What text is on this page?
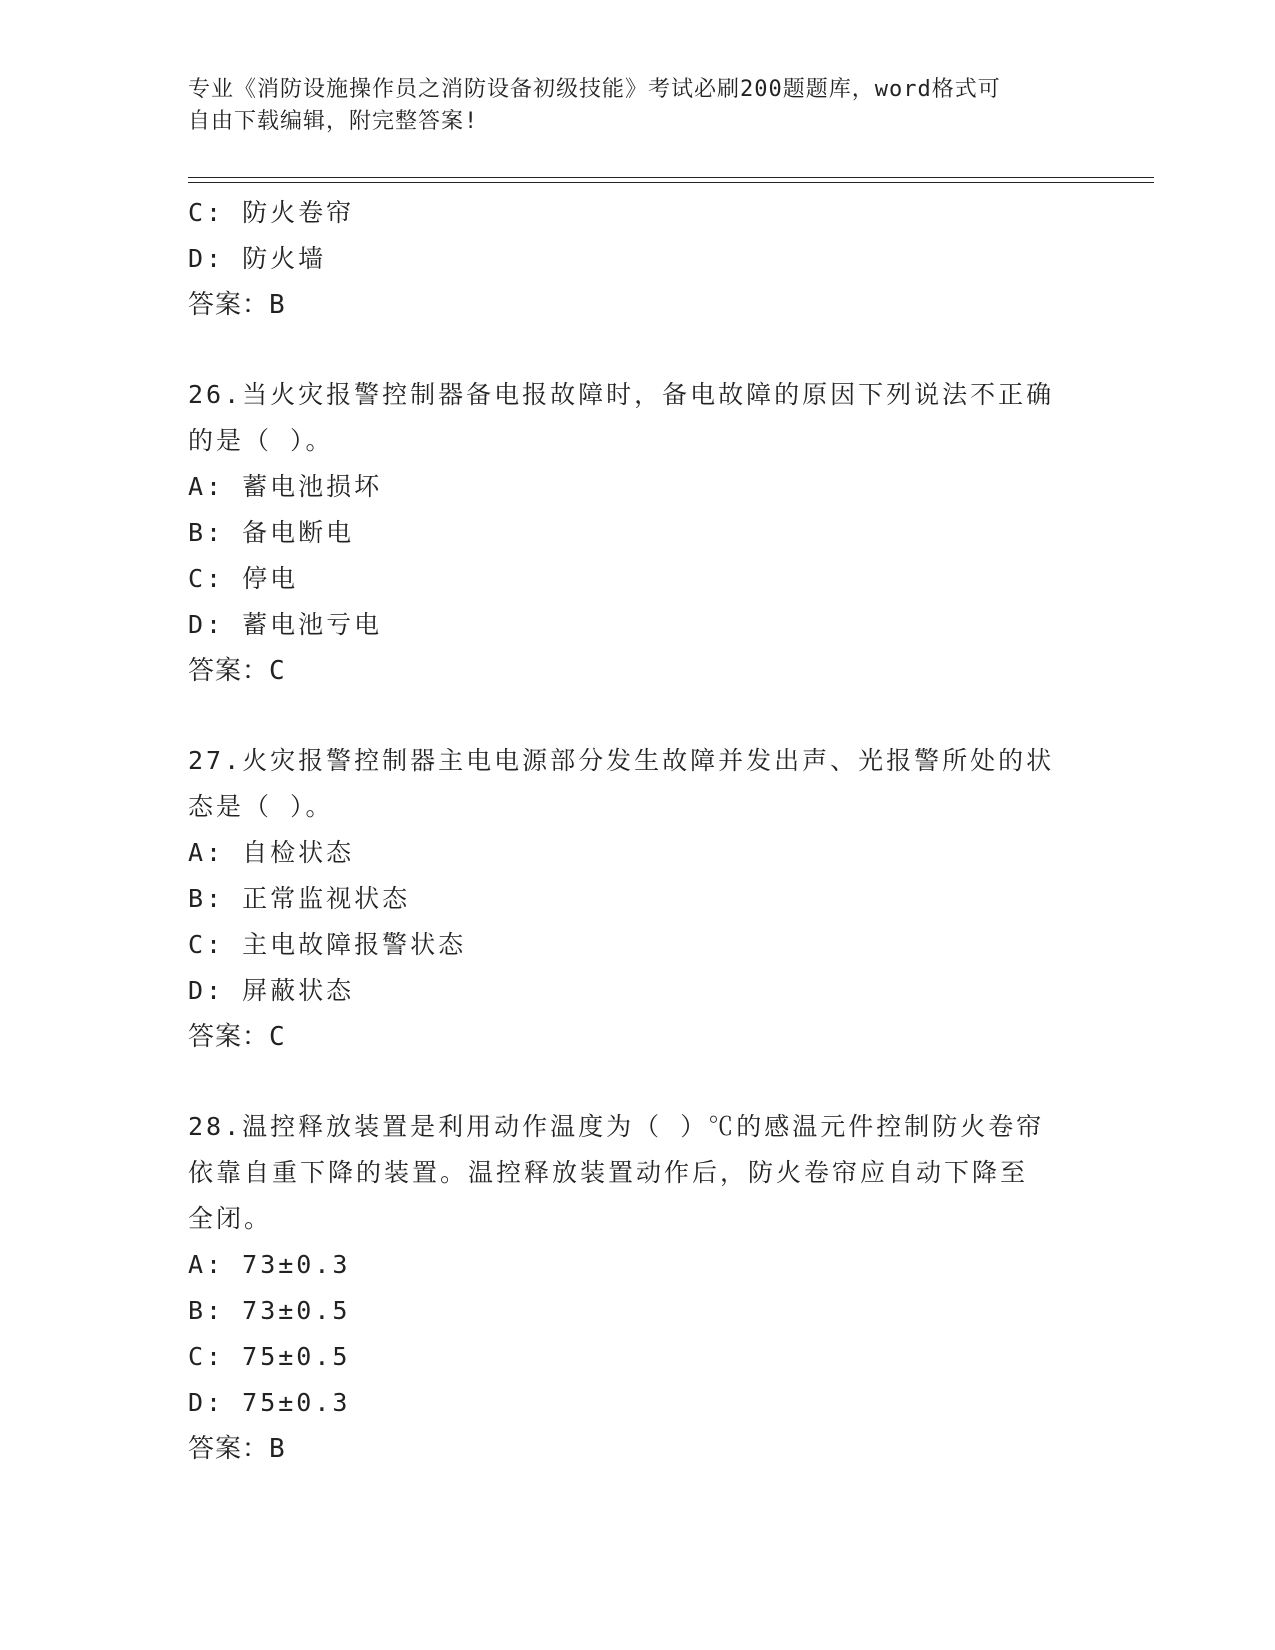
专业《消防设施操作员之消防设备初级技能》考试必刷200题题库，word格式可
自由下载编辑，附完整答案!
C: 防火卷帘
D: 防火墙
答案：B
26.当火灾报警控制器备电报故障时，备电故障的原因下列说法不正确
的是（ ）。
A: 蓄电池损坏
B: 备电断电
C: 停电
D: 蓄电池亏电
答案：C
27.火灾报警控制器主电电源部分发生故障并发出声、光报警所处的状
态是（ ）。
A: 自检状态
B: 正常监视状态
C: 主电故障报警状态
D: 屏蔽状态
答案：C
28.温控释放装置是利用动作温度为（ ）℃的感温元件控制防火卷帘
依靠自重下降的装置。温控释放装置动作后，防火卷帘应自动下降至
全闭。
A: 73±0.3
B: 73±0.5
C: 75±0.5
D: 75±0.3
答案：B
